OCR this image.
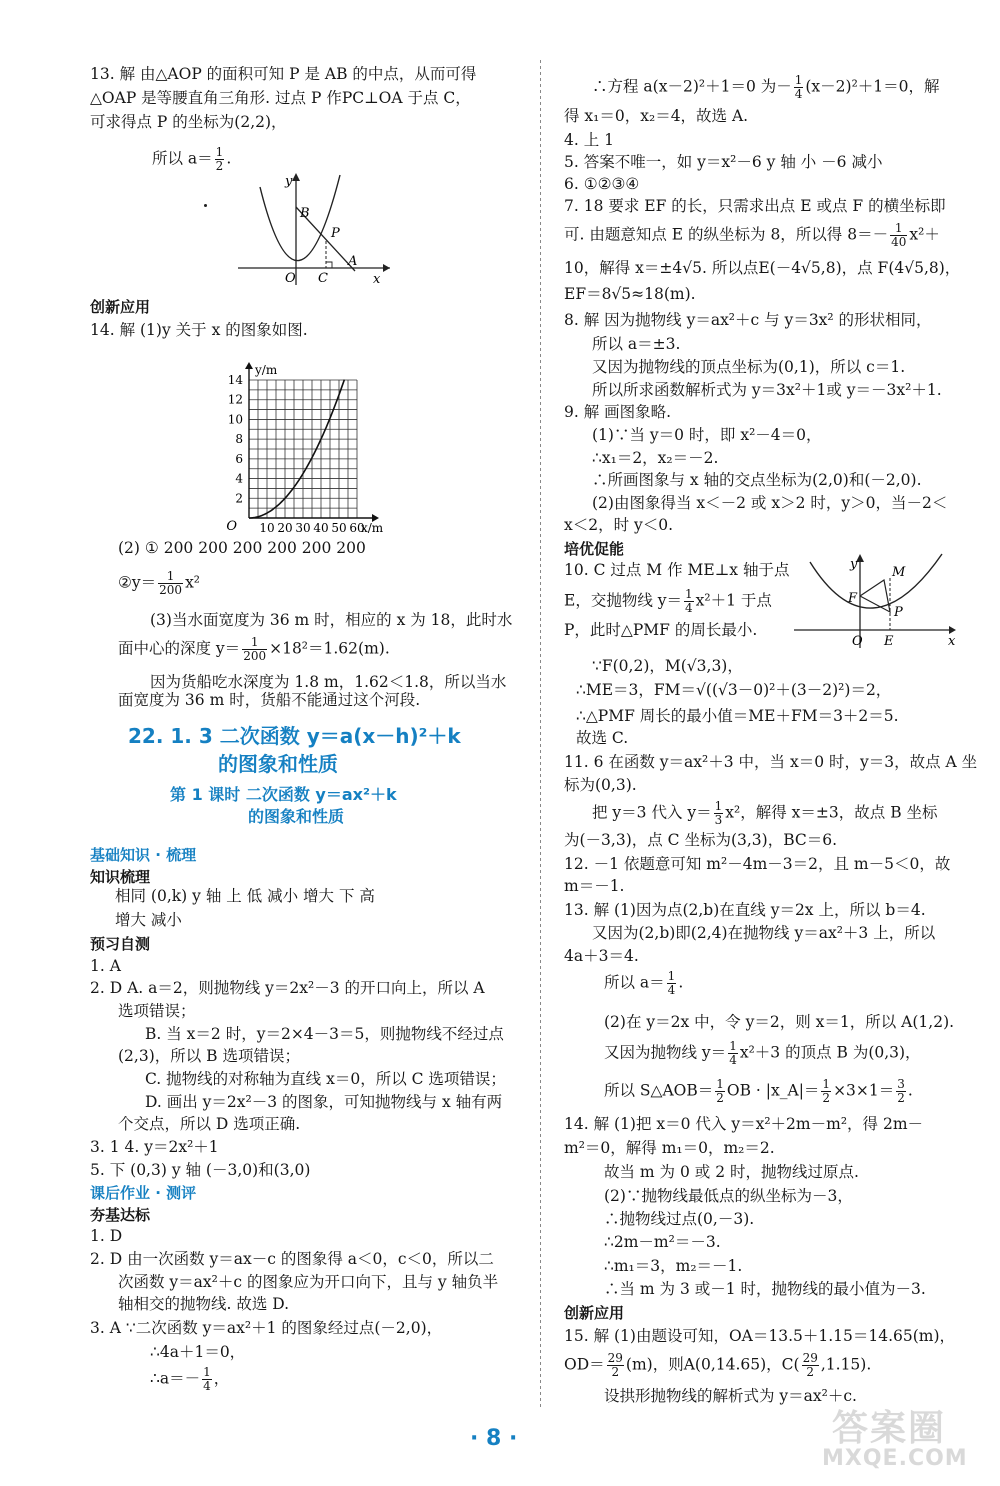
13. 解 由△AOP 的面积可知 P 是 AB 的中点，从而可得
△OAP 是等腰直角三角形. 过点 P 作PC⊥OA 于点 C，
可求得点 P 的坐标为(2,2)，
所以 $a= \frac{1}{2}$ .
y
B
P
O C
A
x
创新应用
14. 解 (1)y 关于 x 的图象如图.
2
4
6
8
10
12
14
10 20 30 40 50 60
O
y/m
x/m
(2) ① 200 200 200 200 200 200
②y＝ $\frac{1}{200} x^2$
(3)当水面宽度为 36 m 时，相应的 x 为 18，此时水
面中心的深度 $y= \frac{1}{200} \times 18^2=1.62(m)$.
因为货船吃水深度为 1.8 m，1.62＜1.8，所以当水
面宽度为 36 m 时，货船不能通过这个河段.
22. 1. 3 二次函数 y＝a(x－h)²＋k
的图象和性质
第 1 课时 二次函数 y＝ax²＋k
的图象和性质
基础知识 · 梳理
知识梳理
相同 (0,k) y 轴 上 低 减小 增大 下 高
增大 减小
预习自测
1. A
2. D A. a＝2，则抛物线 y＝2x²－3 的开口向上，所以 A
选项错误；
B. 当 x＝2 时，y＝2×4－3＝5，则抛物线不经过点
(2,3)，所以 B 选项错误；
C. 抛物线的对称轴为直线 x＝0，所以 C 选项错误；
D. 画出 y＝2x²－3 的图象，可知抛物线与 x 轴有两
个交点，所以 D 选项正确.
3. 1 4. y＝2x²＋1
5. 下 (0,3) y 轴 (－3,0)和(3,0)
课后作业 · 测评
夯基达标
1. D
2. D 由一次函数 y＝ax－c 的图象得 a＜0，c＜0，所以二
次函数 y＝ax²＋c 的图象应为开口向下，且与 y 轴负半
轴相交的抛物线. 故选 D.
3. A ∵二次函数 y＝ax²＋1 的图象经过点(－2,0)，
∴4a＋1＝0，
∴a＝－ $\frac{1}{4}$ ，
∴方程 a(x－2)²＋1＝0 为－ $\frac{1}{4} (x-2)^2+1=0$，解
得 x₁＝0，x₂＝4，故选 A.
4. 上 1
5. 答案不唯一，如 y＝x²－6 y 轴 小 －6 减小
6. ①②③④
7. 18 要求 EF 的长，只需求出点 E 或点 F 的横坐标即
可. 由题意知点 E 的纵坐标为 8，所以得 $8=- \frac{1}{40} x^2+$
10，解得 x＝±4√5. 所以点E(－4√5,8)，点 F(4√5,8)，
EF＝8√5≈18(m).
8. 解 因为抛物线 y＝ax²＋c 与 y＝3x² 的形状相同，
所以 a＝±3.
又因为抛物线的顶点坐标为(0,1)，所以 c＝1.
所以所求函数解析式为 y＝3x²＋1或 y＝－3x²＋1.
9. 解 画图象略.
(1)∵当 y＝0 时，即 x²－4＝0，
∴x₁＝2，x₂＝－2.
∴所画图象与 x 轴的交点坐标为(2,0)和(－2,0).
(2)由图象得当 x＜－2 或 x＞2 时，y＞0，当－2＜
x＜2，时 y＜0.
培优促能
10. C 过点 M 作 ME⊥x 轴于点
E，交抛物线 $y= \frac{1}{4} x^2+1$ 于点
P，此时△PMF 的周长最小.
y
M
F
P
O E	x
∵F(0,2)，M(√3,3)，
∴ME＝3，FM＝√((√3－0)²＋(3－2)²)＝2，
∴△PMF 周长的最小值＝ME＋FM＝3＋2＝5.
故选 C.
11. 6 在函数 y＝ax²＋3 中，当 x＝0 时，y＝3，故点 A 坐
标为(0,3).
把 y＝3 代入 $y= \frac{1}{3} x^2$，解得 x＝±3，故点 B 坐标
为(－3,3)，点 C 坐标为(3,3)，BC＝6.
12. －1 依题意可知 m²－4m－3＝2，且 m－5＜0，故
m＝－1.
13. 解 (1)因为点(2,b)在直线 y＝2x 上，所以 b＝4.
又因为(2,b)即(2,4)在抛物线 y＝ax²＋3 上，所以
4a＋3＝4.
所以 $a= \frac{1}{4}$ .
(2)在 y＝2x 中，令 y＝2，则 x＝1，所以 A(1,2).
又因为抛物线 $y= \frac{1}{4} x^2+3$ 的顶点 B 为(0,3)，
所以 S△AOB＝ $\frac{1}{2}$ OB · |x_A|＝ $\frac{1}{2} \times 3\times 1= \frac{3}{2}$ .
14. 解 (1)把 x＝0 代入 y＝x²＋2m－m²，得 2m－
m²＝0，解得 m₁＝0，m₂＝2.
故当 m 为 0 或 2 时，抛物线过原点.
(2)∵抛物线最低点的纵坐标为－3，
∴抛物线过点(0,－3).
∴2m－m²＝－3.
∴m₁＝3，m₂＝－1.
∴当 m 为 3 或－1 时，抛物线的最小值为－3.
创新应用
15. 解 (1)由题设可知，OA＝13.5＋1.15＝14.65(m)，
$OD= \frac{29}{2} (m)$，则A(0,14.65)，$C( \frac{29}{2} ,1.15)$.
设拱形抛物线的解析式为 y＝ax²＋c.
· 8 ·	答案圈
MXQE.COM
